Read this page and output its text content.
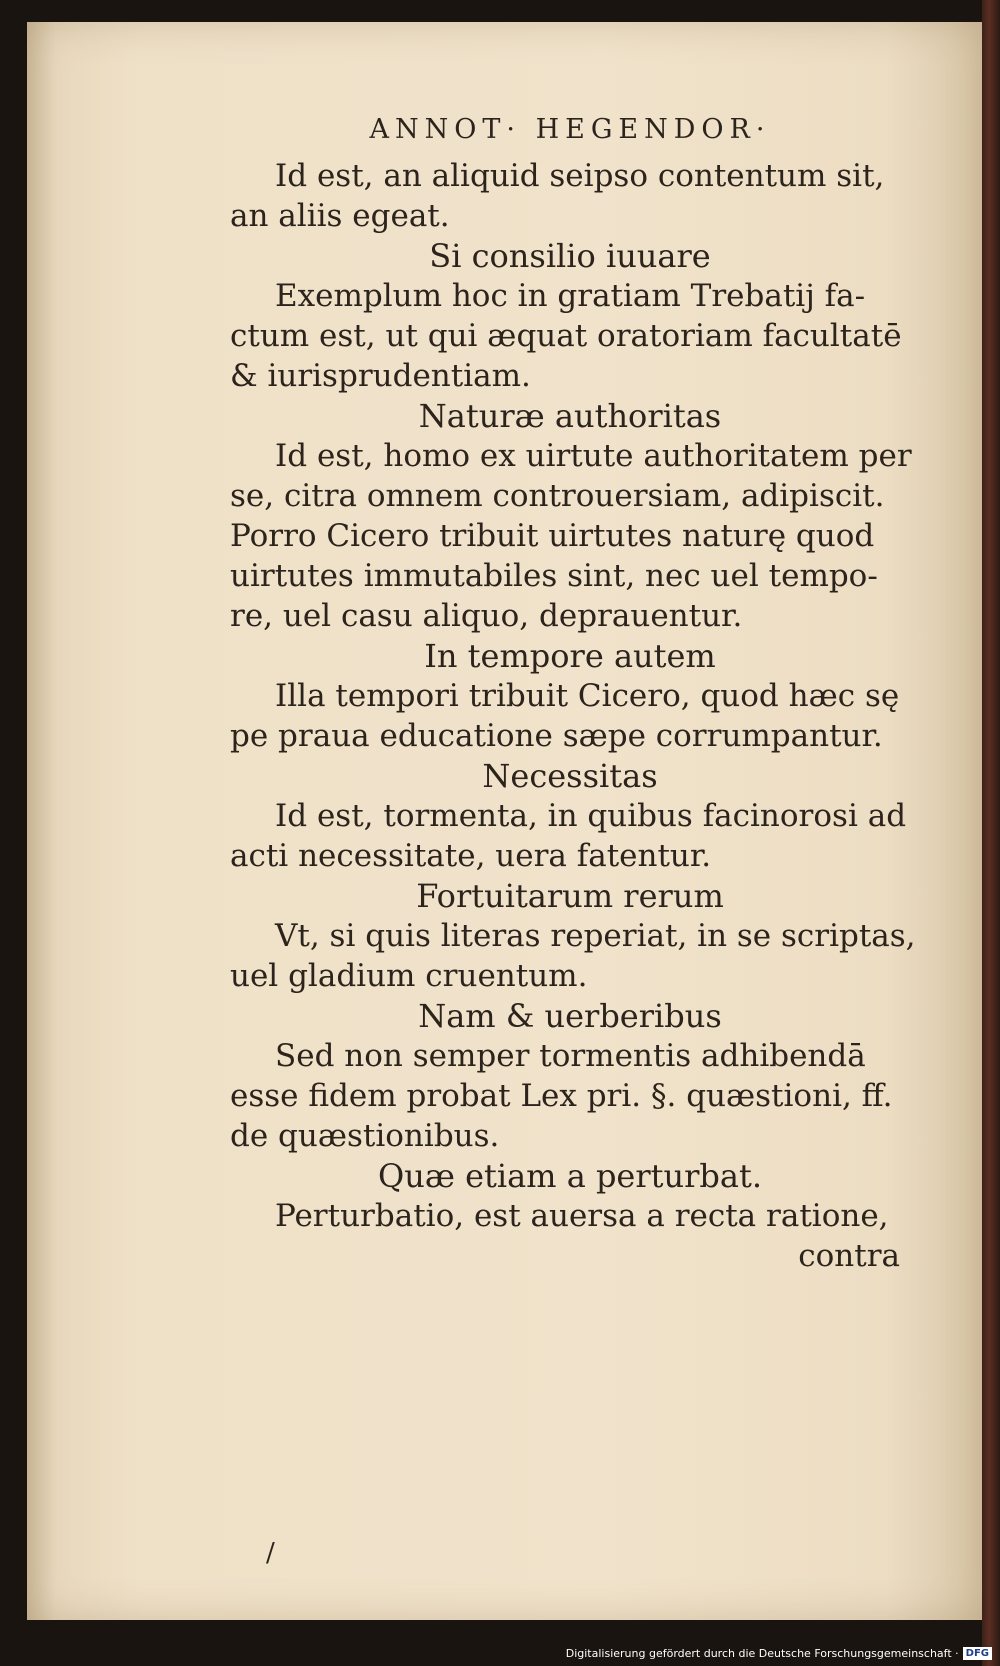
ANNOT· HEGENDOR·
Id est, an aliquid seipso contentum sit,
an aliis egeat.
Si consilio iuuare
Exemplum hoc in gratiam Trebatij fa-
ctum est, ut qui æquat oratoriam facultatē
& iurisprudentiam.
Naturæ authoritas
Id est, homo ex uirtute authoritatem per
se, citra omnem controuersiam, adipiscit.
Porro Cicero tribuit uirtutes naturę quod
uirtutes immutabiles sint, nec uel tempo-
re, uel casu aliquo, deprauentur.
In tempore autem
Illa tempori tribuit Cicero, quod hæc sę
pe praua educatione sæpe corrumpantur.
Necessitas
Id est, tormenta, in quibus facinorosi ad
acti necessitate, uera fatentur.
Fortuitarum rerum
Vt, si quis literas reperiat, in se scriptas,
uel gladium cruentum.
Nam & uerberibus
Sed non semper tormentis adhibendā
esse fidem probat Lex pri. §. quæstioni, ff.
de quæstionibus.
Quæ etiam a perturbat.
Perturbatio, est auersa a recta ratione,
contra
/
Digitalisierung gefördert durch die Deutsche Forschungsgemeinschaft · DFG
